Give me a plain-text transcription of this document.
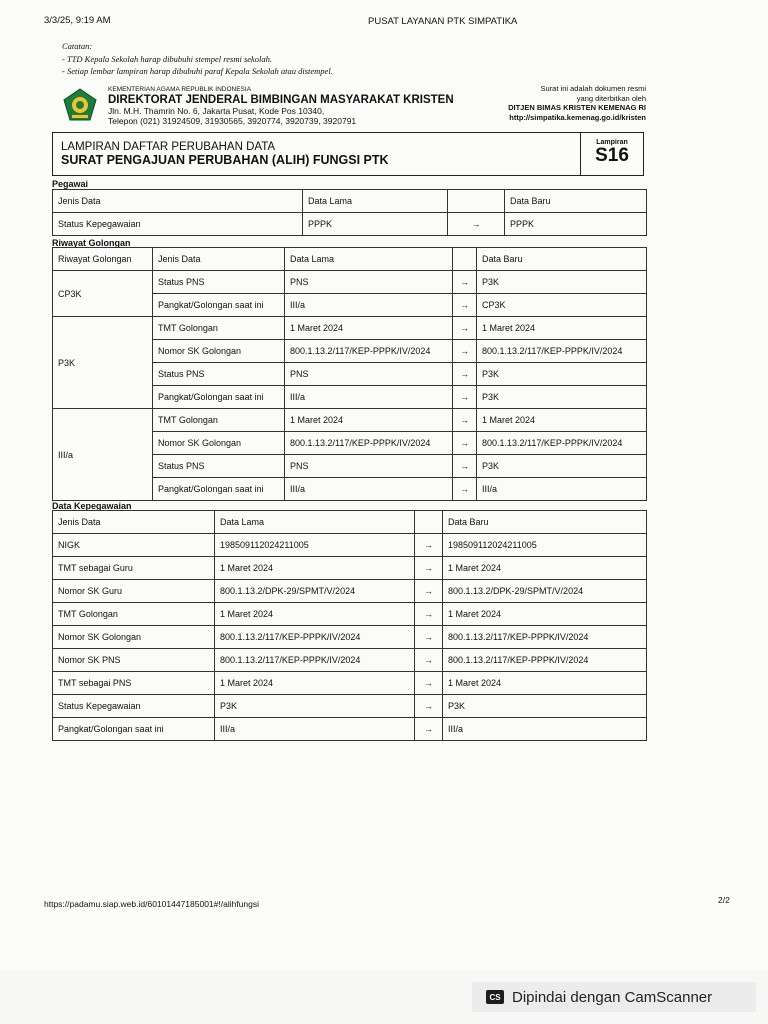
3/3/25, 9:19 AM	PUSAT LAYANAN PTK SIMPATIKA
Catatan:
- TTD Kepala Sekolah harap dibubuhi stempel resmi sekolah.
- Setiap lembar lampiran harap dibubuhi paraf Kepala Sekolah atau distempel.
KEMENTERIAN AGAMA REPUBLIK INDONESIA
DIREKTORAT JENDERAL BIMBINGAN MASYARAKAT KRISTEN
Jln. M.H. Thamrin No. 6, Jakarta Pusat, Kode Pos 10340,
Telepon (021) 31924509, 31930565, 3920774, 3920739, 3920791
Surat ini adalah dokumen resmi
yang diterbitkan oleh
DITJEN BIMAS KRISTEN KEMENAG RI
http://simpatika.kemenag.go.id/kristen
LAMPIRAN DAFTAR PERUBAHAN DATA
SURAT PENGAJUAN PERUBAHAN (ALIH) FUNGSI PTK
Lampiran
S16
Pegawai
Jenis Data	Data Lama		Data Baru
Status Kepegawaian	PPPK	→	PPPK
Riwayat Golongan
Riwayat Golongan	Jenis Data	Data Lama		Data Baru
CP3K	Status PNS	PNS	→	P3K
	Pangkat/Golongan saat ini	III/a	→	CP3K
P3K	TMT Golongan	1 Maret 2024	→	1 Maret 2024
	Nomor SK Golongan	800.1.13.2/117/KEP-PPPK/IV/2024	→	800.1.13.2/117/KEP-PPPK/IV/2024
	Status PNS	PNS	→	P3K
	Pangkat/Golongan saat ini	III/a	→	P3K
III/a	TMT Golongan	1 Maret 2024	→	1 Maret 2024
	Nomor SK Golongan	800.1.13.2/117/KEP-PPPK/IV/2024	→	800.1.13.2/117/KEP-PPPK/IV/2024
	Status PNS	PNS	→	P3K
	Pangkat/Golongan saat ini	III/a	→	III/a
Data Kepegawaian
Jenis Data	Data Lama		Data Baru
NIGK	198509112024211005	→	198509112024211005
TMT sebagai Guru	1 Maret 2024	→	1 Maret 2024
Nomor SK Guru	800.1.13.2/DPK-29/SPMT/V/2024	→	800.1.13.2/DPK-29/SPMT/V/2024
TMT Golongan	1 Maret 2024	→	1 Maret 2024
Nomor SK Golongan	800.1.13.2/117/KEP-PPPK/IV/2024	→	800.1.13.2/117/KEP-PPPK/IV/2024
Nomor SK PNS	800.1.13.2/117/KEP-PPPK/IV/2024	→	800.1.13.2/117/KEP-PPPK/IV/2024
TMT sebagai PNS	1 Maret 2024	→	1 Maret 2024
Status Kepegawaian	P3K	→	P3K
Pangkat/Golongan saat ini	III/a	→	III/a
https://padamu.siap.web.id/60101447185001#!/alihfungsi	2/2
CS Dipindai dengan CamScanner
